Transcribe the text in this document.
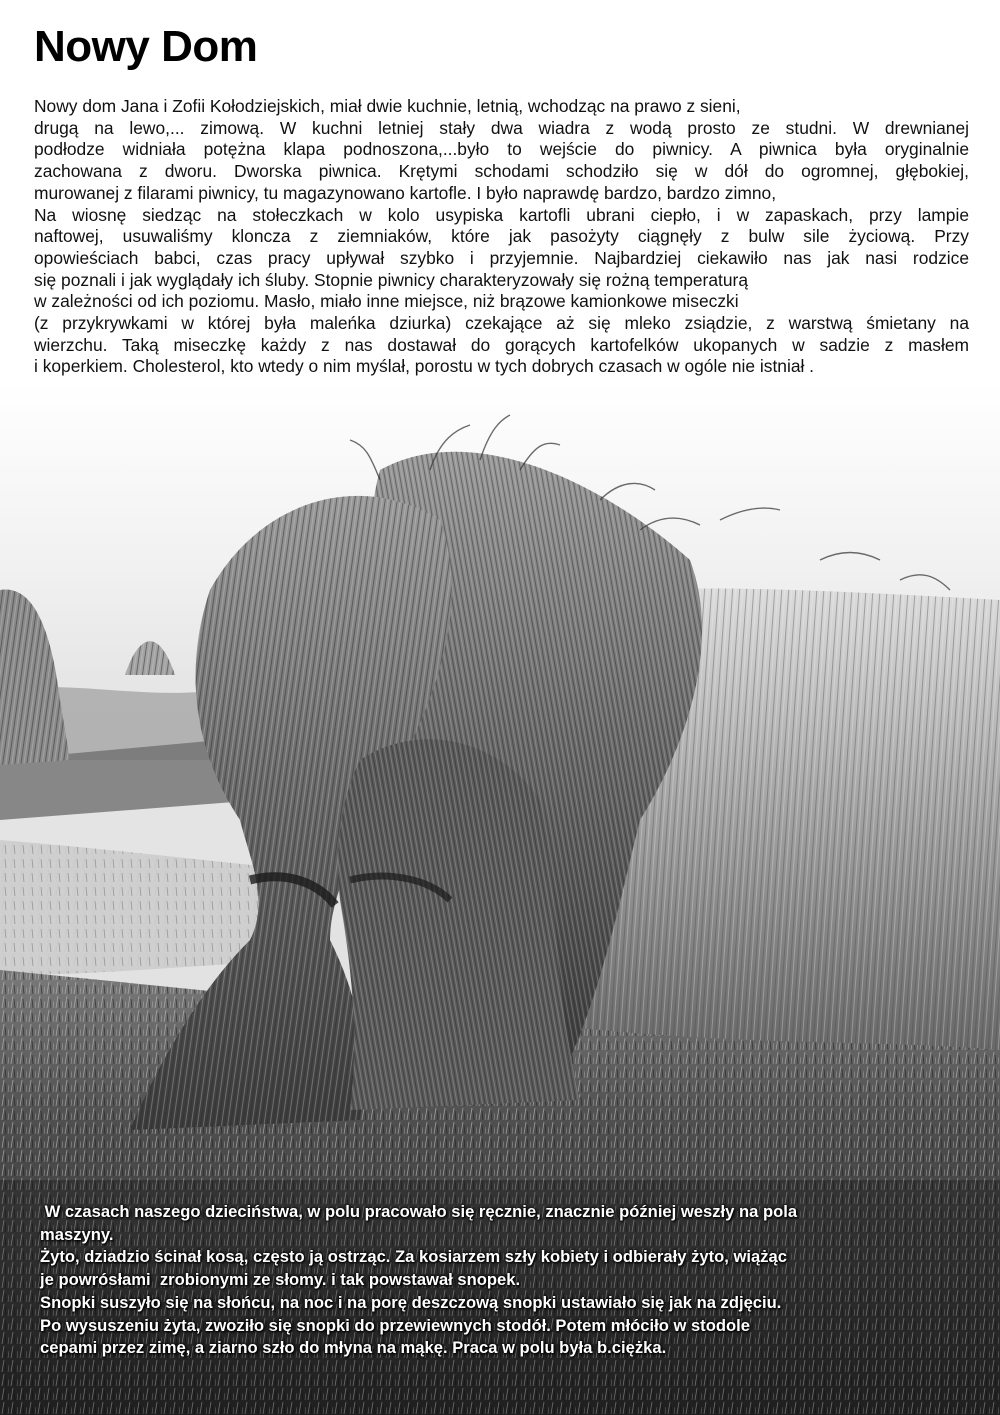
Nowy Dom
Nowy dom Jana i Zofii Kołodziejskich, miał dwie kuchnie, letnią, wchodząc na prawo z sieni,
drugą na lewo,... zimową. W kuchni letniej stały dwa wiadra z wodą prosto ze studni. W drewnianej
podłodze widniała potężna klapa podnoszona,...było to wejście do piwnicy. A piwnica była oryginalnie
zachowana z dworu. Dworska piwnica. Krętymi schodami schodziło się w dół do ogromnej, głębokiej,
murowanej z filarami piwnicy, tu magazynowano kartofle. I było naprawdę bardzo, bardzo zimno,
Na wiosnę siedząc na stołeczkach w kolo usypiska kartofli ubrani ciepło, i w zapaskach, przy lampie
naftowej, usuwaliśmy kloncza z ziemniaków, które jak pasożyty ciągnęły z bulw sile życiową. Przy
opowieściach babci, czas pracy upływał szybko i przyjemnie. Najbardziej ciekawiło nas jak nasi rodzice
się poznali i jak wyglądały ich śluby. Stopnie piwnicy charakteryzowały się rożną temperaturą
w zależności od ich poziomu. Masło, miało inne miejsce, niż brązowe kamionkowe miseczki
(z przykrywkami w której była maleńka dziurka) czekające aż się mleko zsiądzie, z warstwą śmietany na
wierzchu. Taką miseczkę każdy z nas dostawał do gorących kartofelków ukopanych w sadzie z masłem
i koperkiem. Cholesterol, kto wtedy o nim myślał, porostu w tych dobrych czasach w ogóle nie istniał .
W czasach naszego dzieciństwa, w polu pracowało się ręcznie, znacznie później weszły na pola
maszyny.
Żyto, dziadzio ścinał kosą, często ją ostrząc. Za kosiarzem szły kobiety i odbierały żyto, wiążąc
je powrósłami  zrobionymi ze słomy. i tak powstawał snopek.
Snopki suszyło się na słońcu, na noc i na porę deszczową snopki ustawiało się jak na zdjęciu.
Po wysuszeniu żyta, zwoziło się snopki do przewiewnych stodół. Potem młóciło w stodole
cepami przez zimę, a ziarno szło do młyna na mąkę. Praca w polu była b.ciężka.
